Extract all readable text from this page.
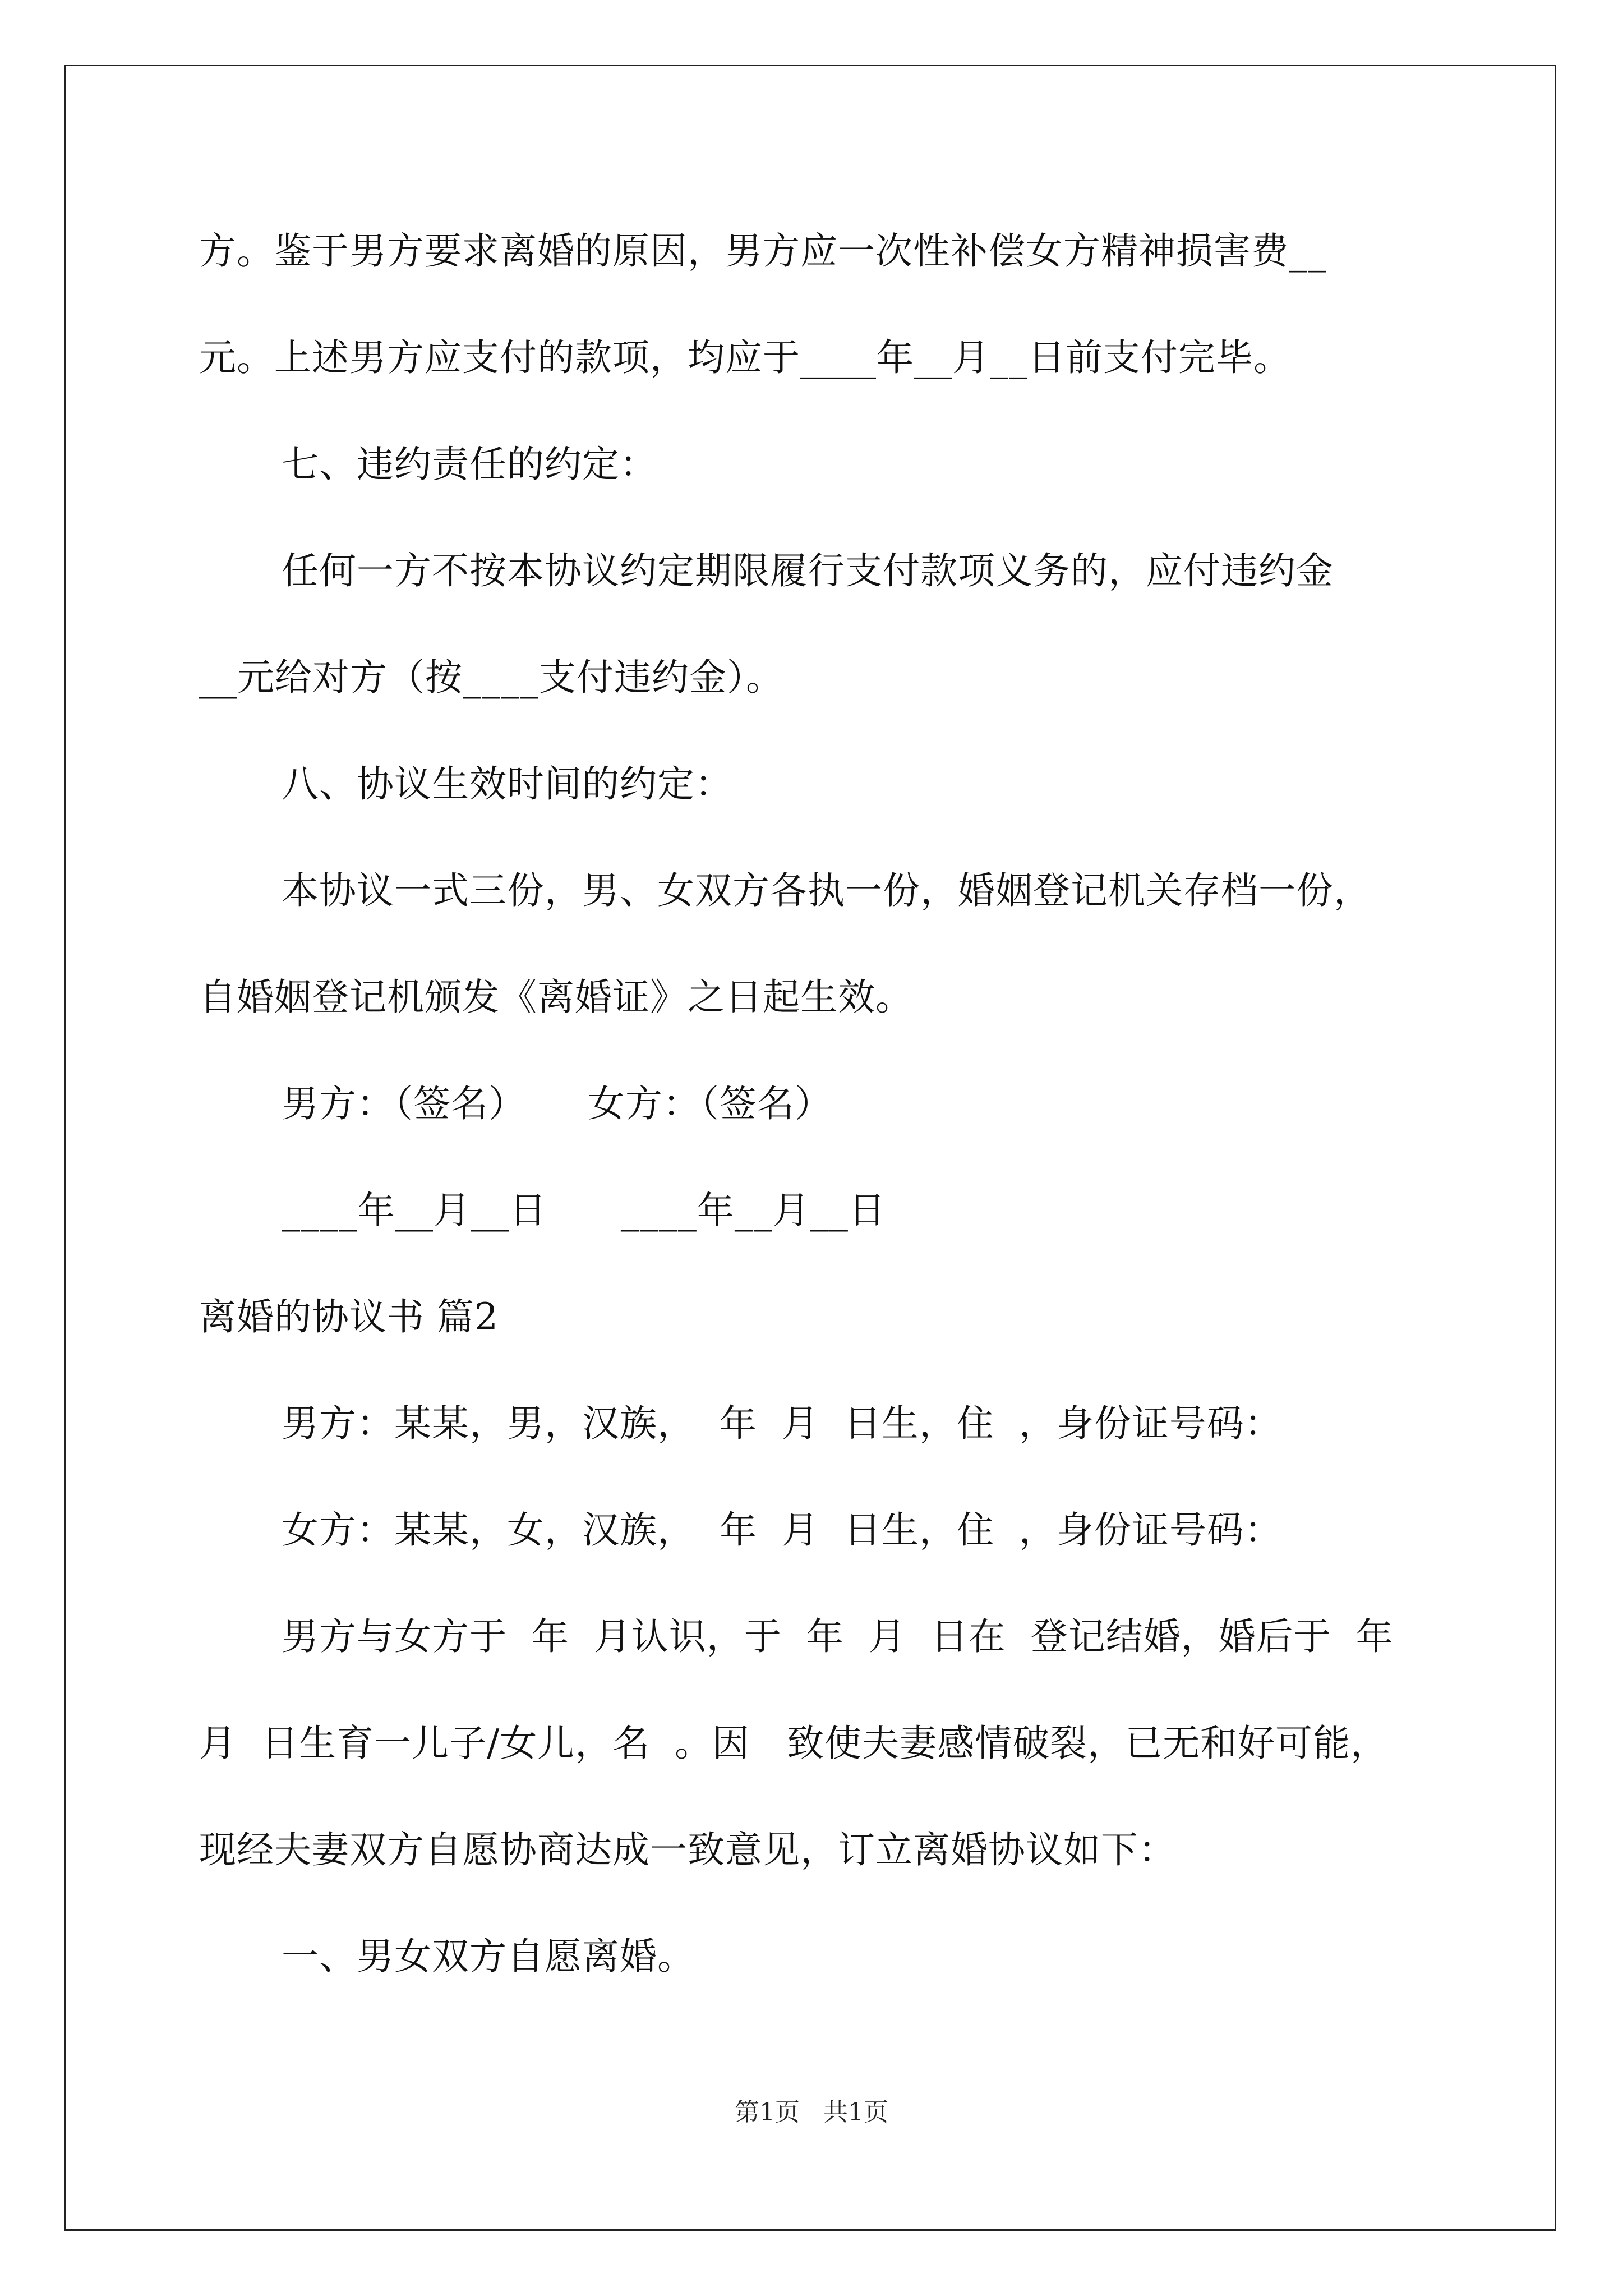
方。鉴于男方要求离婚的原因，男方应一次性补偿女方精神损害费__
元。上述男方应支付的款项，均应于____年__月__日前支付完毕。
七、违约责任的约定：
任何一方不按本协议约定期限履行支付款项义务的，应付违约金
__元给对方（按____支付违约金）。
八、协议生效时间的约定：
本协议一式三份，男、女双方各执一份，婚姻登记机关存档一份，
自婚姻登记机颁发《离婚证》之日起生效。
男方：（签名）     女方：（签名）
____年__月__日      ____年__月__日
离婚的协议书 篇2
男方：某某，男，汉族，  年  月  日生，住  ，身份证号码：
女方：某某，女，汉族，  年  月  日生，住  ，身份证号码：
男方与女方于  年  月认识，于  年  月  日在  登记结婚，婚后于  年
月  日生育一儿子/女儿，名  。因   致使夫妻感情破裂，已无和好可能，
现经夫妻双方自愿协商达成一致意见，订立离婚协议如下：
一、男女双方自愿离婚。
第1页   共1页
